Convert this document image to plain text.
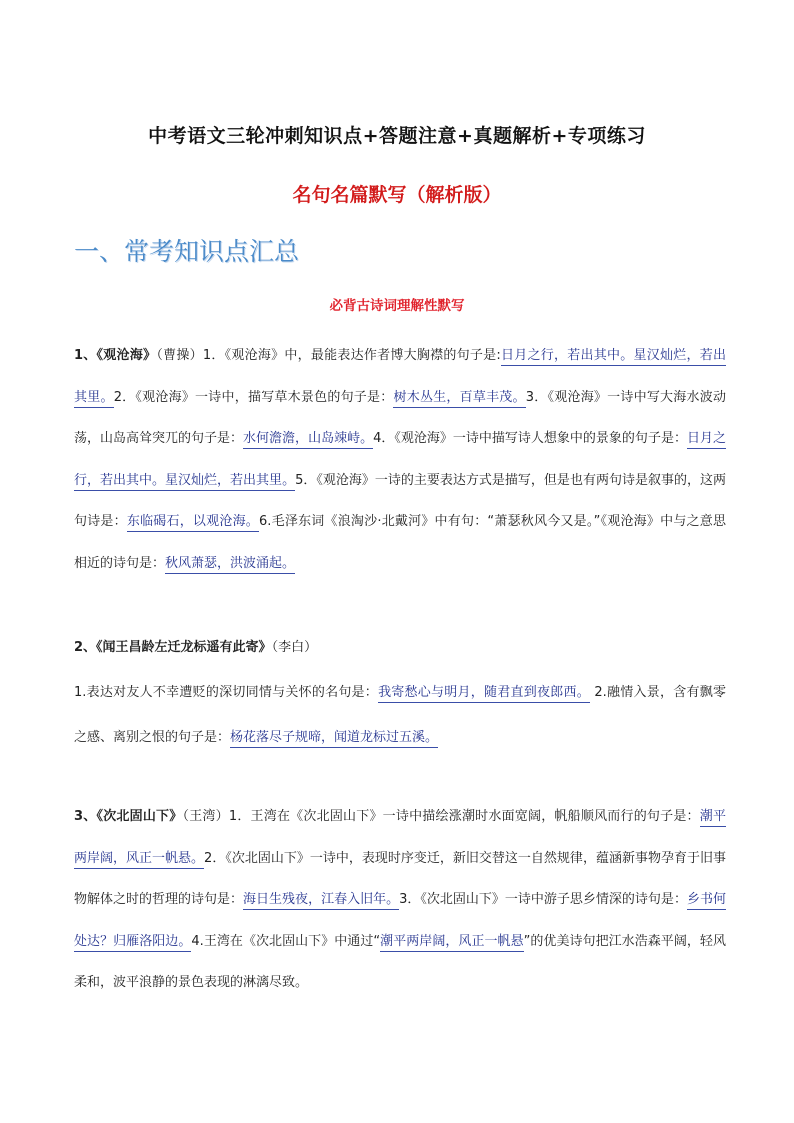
中考语文三轮冲刺知识点+答题注意+真题解析+专项练习
名句名篇默写（解析版）
一、常考知识点汇总
必背古诗词理解性默写
1、《观沧海》（曹操）1．《观沧海》中，最能表达作者博大胸襟的句子是:日月之行，若出其中。星汉灿烂，若出其里。2．《观沧海》一诗中，描写草木景色的句子是：树木丛生，百草丰茂。3．《观沧海》一诗中写大海水波动荡，山岛高耸突兀的句子是：水何澹澹，山岛竦峙。4．《观沧海》一诗中描写诗人想象中的景象的句子是：日月之行，若出其中。星汉灿烂，若出其里。5．《观沧海》一诗的主要表达方式是描写，但是也有两句诗是叙事的，这两句诗是：东临碣石，以观沧海。6.毛泽东词《浪淘沙·北戴河》中有句：“萧瑟秋风今又是。”《观沧海》中与之意思相近的诗句是：秋风萧瑟，洪波涌起。
2、《闻王昌龄左迁龙标遥有此寄》（李白）
1.表达对友人不幸遭贬的深切同情与关怀的名句是：我寄愁心与明月，随君直到夜郎西。 2.融情入景，含有飘零之感、离别之恨的句子是：杨花落尽子规啼，闻道龙标过五溪。
3、《次北固山下》（王湾）1．王湾在《次北固山下》一诗中描绘涨潮时水面宽阔，帆船顺风而行的句子是：潮平两岸阔，风正一帆悬。2．《次北固山下》一诗中，表现时序变迁，新旧交替这一自然规律，蕴涵新事物孕育于旧事物解体之时的哲理的诗句是：海日生残夜，江春入旧年。3．《次北固山下》一诗中游子思乡情深的诗句是：乡书何处达？归雁洛阳边。4.王湾在《次北固山下》中通过“潮平两岸阔，风正一帆悬”的优美诗句把江水浩森平阔，轻风柔和，波平浪静的景色表现的淋漓尽致。
